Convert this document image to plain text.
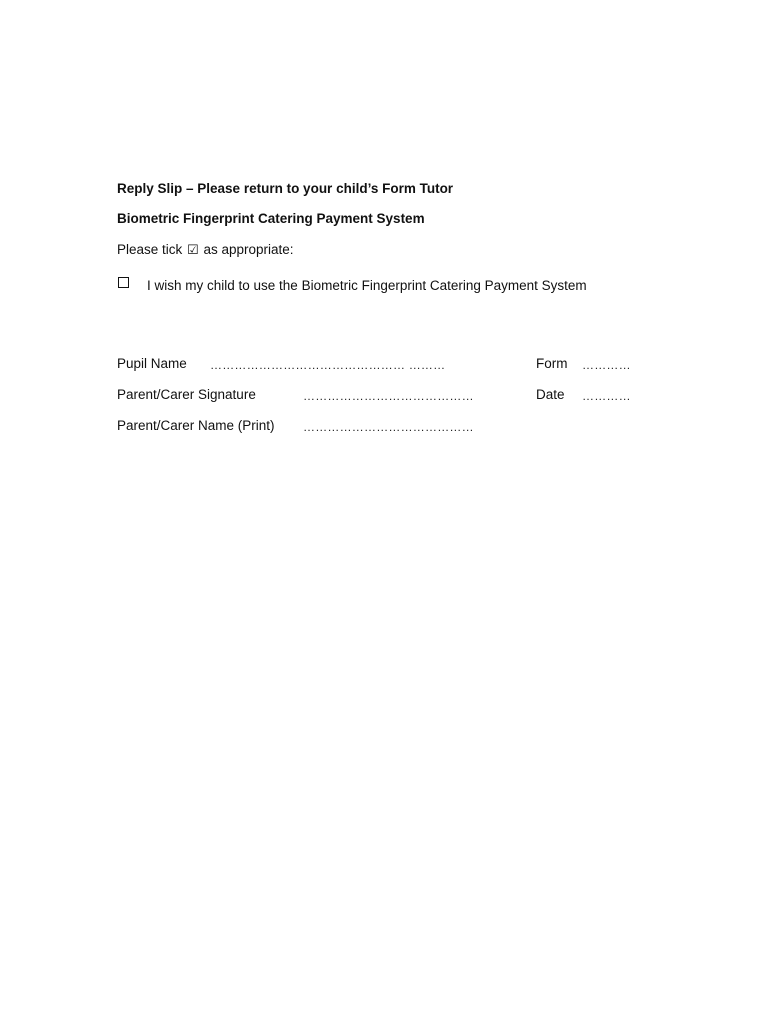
Reply Slip – Please return to your child’s Form Tutor
Biometric Fingerprint Catering Payment System
Please tick ☑ as appropriate:
I wish my child to use the Biometric Fingerprint Catering Payment System
Pupil Name ………………………………………… ………	Form …………
Parent/Carer Signature	……………………………………	Date …………
Parent/Carer Name (Print) ……………………………………
